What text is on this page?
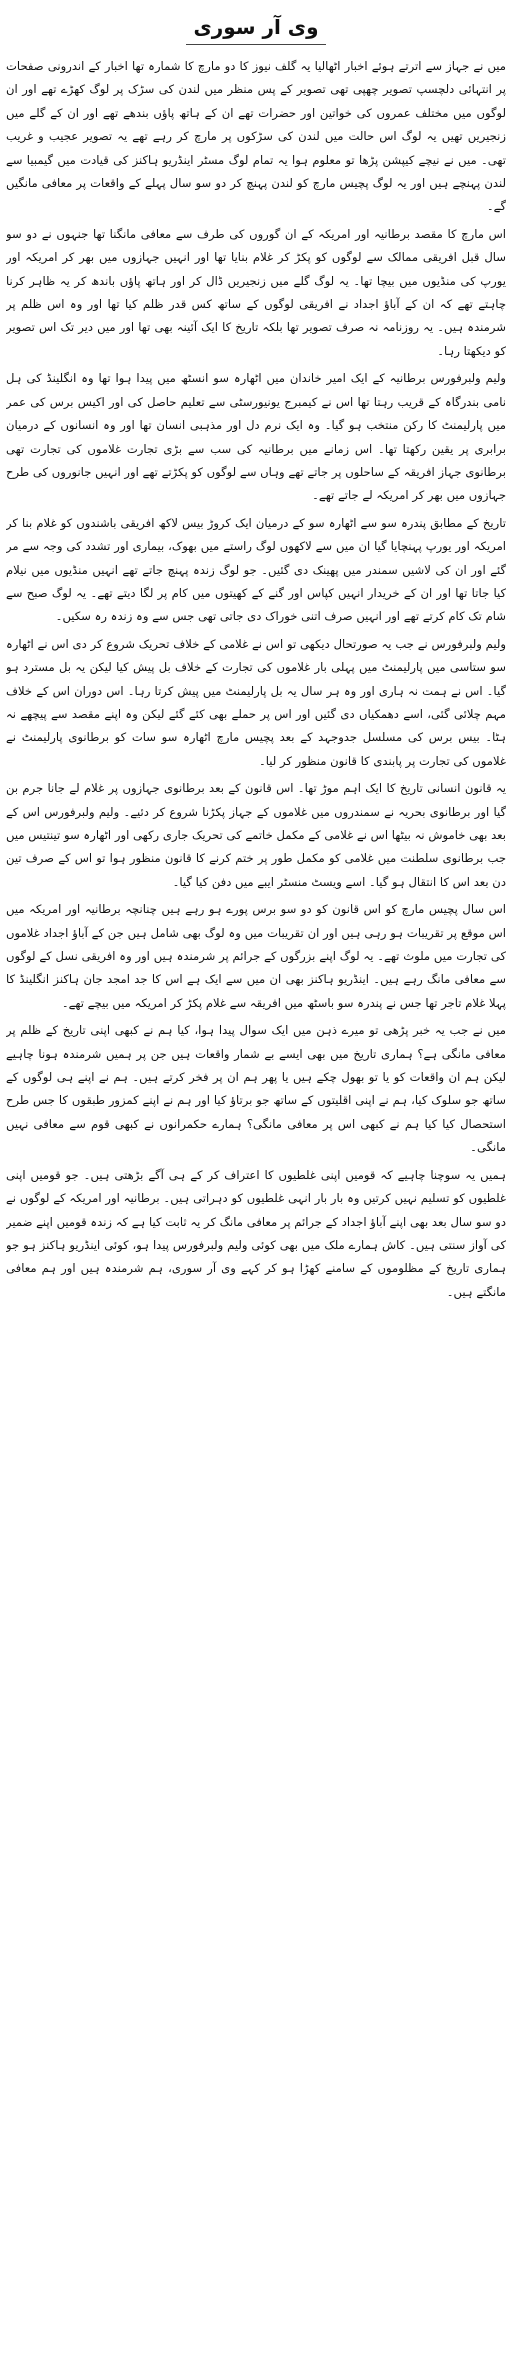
وی آر سوری

میں نے جہاز سے اترتے ہوئے اخبار اٹھالیا یہ گلف نیوز کا دو مارچ کا شمارہ تھا اخبار کے اندرونی صفحات پر انتہائی دلچسپ تصویر چھپی تھی تصویر کے پس منظر میں لندن کی سڑک پر لوگ کھڑے تھے اور ان لوگوں میں مختلف عمروں کی خواتین اور حضرات تھے ان کے ہاتھ پاؤں بندھے تھے اور ان کے گلے میں زنجیریں تھیں یہ لوگ اس حالت میں لندن کی سڑکوں پر مارچ کر رہے تھے یہ تصویر عجیب و غریب تھی۔ میں نے نیچے کیپشن پڑھا تو معلوم ہوا یہ تمام لوگ مسٹر اینڈریو ہاکنز کی قیادت میں گیمبیا سے لندن پہنچے ہیں اور یہ لوگ پچیس مارچ کو لندن پہنچ کر دو سو سال پہلے کے واقعات پر معافی مانگیں گے۔

اس مارچ کا مقصد برطانیہ اور امریکہ کے ان گوروں کی طرف سے معافی مانگنا تھا جنہوں نے دو سو سال قبل افریقی ممالک سے لوگوں کو پکڑ کر غلام بنایا تھا اور انہیں جہازوں میں بھر کر امریکہ اور یورپ کی منڈیوں میں بیچا تھا۔ یہ لوگ گلے میں زنجیریں ڈال کر اور ہاتھ پاؤں باندھ کر یہ ظاہر کرنا چاہتے تھے کہ ان کے آباؤ اجداد نے افریقی لوگوں کے ساتھ کس قدر ظلم کیا تھا اور وہ اس ظلم پر شرمندہ ہیں۔ یہ روزنامہ نہ صرف تصویر تھا بلکہ تاریخ کا ایک آئینہ بھی تھا اور میں دیر تک اس تصویر کو دیکھتا رہا۔

ولیم ولبرفورس برطانیہ کے ایک امیر خاندان میں اٹھارہ سو انسٹھ میں پیدا ہوا تھا وہ انگلینڈ کی ہل نامی بندرگاہ کے قریب رہتا تھا اس نے کیمبرج یونیورسٹی سے تعلیم حاصل کی اور اکیس برس کی عمر میں پارلیمنٹ کا رکن منتخب ہو گیا۔ وہ ایک نرم دل اور مذہبی انسان تھا اور وہ انسانوں کے درمیان برابری پر یقین رکھتا تھا۔ اس زمانے میں برطانیہ کی سب سے بڑی تجارت غلاموں کی تجارت تھی برطانوی جہاز افریقہ کے ساحلوں پر جاتے تھے وہاں سے لوگوں کو پکڑتے تھے اور انہیں جانوروں کی طرح جہازوں میں بھر کر امریکہ لے جاتے تھے۔

تاریخ کے مطابق پندرہ سو سے اٹھارہ سو کے درمیان ایک کروڑ بیس لاکھ افریقی باشندوں کو غلام بنا کر امریکہ اور یورپ پہنچایا گیا ان میں سے لاکھوں لوگ راستے میں بھوک، بیماری اور تشدد کی وجہ سے مر گئے اور ان کی لاشیں سمندر میں پھینک دی گئیں۔ جو لوگ زندہ پہنچ جاتے تھے انہیں منڈیوں میں نیلام کیا جاتا تھا اور ان کے خریدار انہیں کپاس اور گنے کے کھیتوں میں کام پر لگا دیتے تھے۔ یہ لوگ صبح سے شام تک کام کرتے تھے اور انہیں صرف اتنی خوراک دی جاتی تھی جس سے وہ زندہ رہ سکیں۔

ولیم ولبرفورس نے جب یہ صورتحال دیکھی تو اس نے غلامی کے خلاف تحریک شروع کر دی اس نے اٹھارہ سو ستاسی میں پارلیمنٹ میں پہلی بار غلاموں کی تجارت کے خلاف بل پیش کیا لیکن یہ بل مسترد ہو گیا۔ اس نے ہمت نہ ہاری اور وہ ہر سال یہ بل پارلیمنٹ میں پیش کرتا رہا۔ اس دوران اس کے خلاف مہم چلائی گئی، اسے دھمکیاں دی گئیں اور اس پر حملے بھی کئے گئے لیکن وہ اپنے مقصد سے پیچھے نہ ہٹا۔ بیس برس کی مسلسل جدوجہد کے بعد پچیس مارچ اٹھارہ سو سات کو برطانوی پارلیمنٹ نے غلاموں کی تجارت پر پابندی کا قانون منظور کر لیا۔

یہ قانون انسانی تاریخ کا ایک اہم موڑ تھا۔ اس قانون کے بعد برطانوی جہازوں پر غلام لے جانا جرم بن گیا اور برطانوی بحریہ نے سمندروں میں غلاموں کے جہاز پکڑنا شروع کر دئیے۔ ولیم ولبرفورس اس کے بعد بھی خاموش نہ بیٹھا اس نے غلامی کے مکمل خاتمے کی تحریک جاری رکھی اور اٹھارہ سو تینتیس میں جب برطانوی سلطنت میں غلامی کو مکمل طور پر ختم کرنے کا قانون منظور ہوا تو اس کے صرف تین دن بعد اس کا انتقال ہو گیا۔ اسے ویسٹ منسٹر ایبے میں دفن کیا گیا۔

اس سال پچیس مارچ کو اس قانون کو دو سو برس پورے ہو رہے ہیں چنانچہ برطانیہ اور امریکہ میں اس موقع پر تقریبات ہو رہی ہیں اور ان تقریبات میں وہ لوگ بھی شامل ہیں جن کے آباؤ اجداد غلاموں کی تجارت میں ملوث تھے۔ یہ لوگ اپنے بزرگوں کے جرائم پر شرمندہ ہیں اور وہ افریقی نسل کے لوگوں سے معافی مانگ رہے ہیں۔ اینڈریو ہاکنز بھی ان میں سے ایک ہے اس کا جد امجد جان ہاکنز انگلینڈ کا پہلا غلام تاجر تھا جس نے پندرہ سو باسٹھ میں افریقہ سے غلام پکڑ کر امریکہ میں بیچے تھے۔

میں نے جب یہ خبر پڑھی تو میرے ذہن میں ایک سوال پیدا ہوا، کیا ہم نے کبھی اپنی تاریخ کے ظلم پر معافی مانگی ہے؟ ہماری تاریخ میں بھی ایسے بے شمار واقعات ہیں جن پر ہمیں شرمندہ ہونا چاہیے لیکن ہم ان واقعات کو یا تو بھول چکے ہیں یا پھر ہم ان پر فخر کرتے ہیں۔ ہم نے اپنے ہی لوگوں کے ساتھ جو سلوک کیا، ہم نے اپنی اقلیتوں کے ساتھ جو برتاؤ کیا اور ہم نے اپنے کمزور طبقوں کا جس طرح استحصال کیا کیا ہم نے کبھی اس پر معافی مانگی؟ ہمارے حکمرانوں نے کبھی قوم سے معافی نہیں مانگی۔

ہمیں یہ سوچنا چاہیے کہ قومیں اپنی غلطیوں کا اعتراف کر کے ہی آگے بڑھتی ہیں۔ جو قومیں اپنی غلطیوں کو تسلیم نہیں کرتیں وہ بار بار انہی غلطیوں کو دہراتی ہیں۔ برطانیہ اور امریکہ کے لوگوں نے دو سو سال بعد بھی اپنے آباؤ اجداد کے جرائم پر معافی مانگ کر یہ ثابت کیا ہے کہ زندہ قومیں اپنے ضمیر کی آواز سنتی ہیں۔ کاش ہمارے ملک میں بھی کوئی ولیم ولبرفورس پیدا ہو، کوئی اینڈریو ہاکنز ہو جو ہماری تاریخ کے مظلوموں کے سامنے کھڑا ہو کر کہے وی آر سوری، ہم شرمندہ ہیں اور ہم معافی مانگتے ہیں۔
